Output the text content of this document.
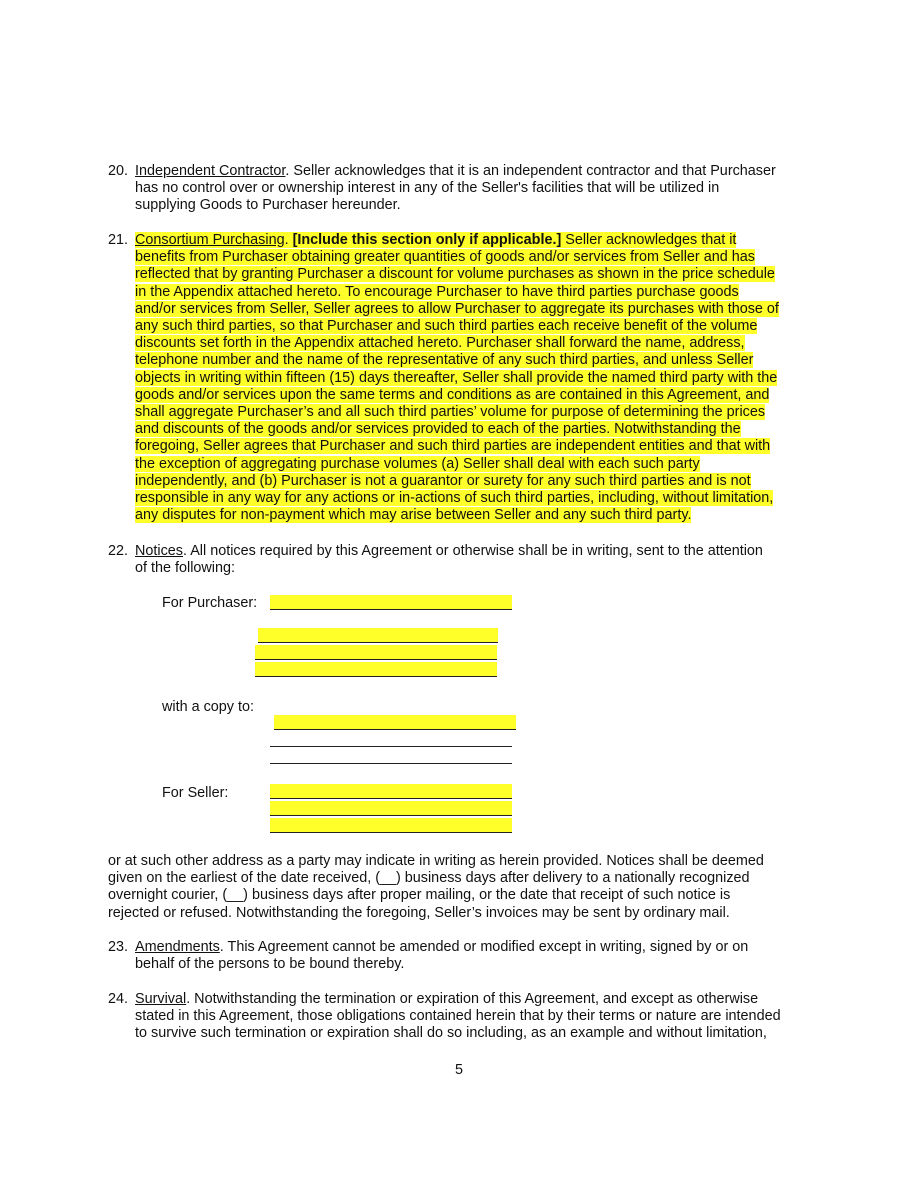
20. Independent Contractor. Seller acknowledges that it is an independent contractor and that Purchaser
has no control over or ownership interest in any of the Seller's facilities that will be utilized in
supplying Goods to Purchaser hereunder.
21. Consortium Purchasing. [Include this section only if applicable.] Seller acknowledges that it
benefits from Purchaser obtaining greater quantities of goods and/or services from Seller and has
reflected that by granting Purchaser a discount for volume purchases as shown in the price schedule
in the Appendix attached hereto. To encourage Purchaser to have third parties purchase goods
and/or services from Seller, Seller agrees to allow Purchaser to aggregate its purchases with those of
any such third parties, so that Purchaser and such third parties each receive benefit of the volume
discounts set forth in the Appendix attached hereto. Purchaser shall forward the name, address,
telephone number and the name of the representative of any such third parties, and unless Seller
objects in writing within fifteen (15) days thereafter, Seller shall provide the named third party with the
goods and/or services upon the same terms and conditions as are contained in this Agreement, and
shall aggregate Purchaser’s and all such third parties’ volume for purpose of determining the prices
and discounts of the goods and/or services provided to each of the parties. Notwithstanding the
foregoing, Seller agrees that Purchaser and such third parties are independent entities and that with
the exception of aggregating purchase volumes (a) Seller shall deal with each such party
independently, and (b) Purchaser is not a guarantor or surety for any such third parties and is not
responsible in any way for any actions or in-actions of such third parties, including, without limitation,
any disputes for non-payment which may arise between Seller and any such third party.
22. Notices. All notices required by this Agreement or otherwise shall be in writing, sent to the attention
of the following:
For Purchaser:
with a copy to:
For Seller:
or at such other address as a party may indicate in writing as herein provided. Notices shall be deemed
given on the earliest of the date received, (__) business days after delivery to a nationally recognized
overnight courier, (__) business days after proper mailing, or the date that receipt of such notice is
rejected or refused. Notwithstanding the foregoing, Seller’s invoices may be sent by ordinary mail.
23. Amendments. This Agreement cannot be amended or modified except in writing, signed by or on
behalf of the persons to be bound thereby.
24. Survival. Notwithstanding the termination or expiration of this Agreement, and except as otherwise
stated in this Agreement, those obligations contained herein that by their terms or nature are intended
to survive such termination or expiration shall do so including, as an example and without limitation,
5
